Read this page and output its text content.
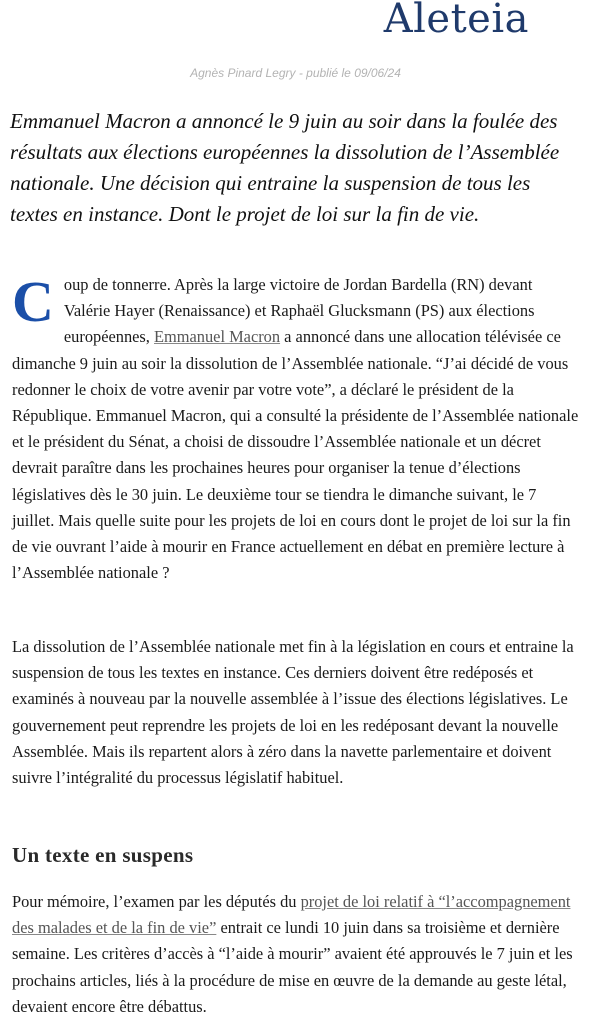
Aleteia
Agnès Pinard Legry - publié le 09/06/24

Emmanuel Macron a annoncé le 9 juin au soir dans la foulée des résultats aux élections européennes la dissolution de l’Assemblée nationale. Une décision qui entraine la suspension de tous les textes en instance. Dont le projet de loi sur la fin de vie.

Coup de tonnerre. Après la large victoire de Jordan Bardella (RN) devant Valérie Hayer (Renaissance) et Raphaël Glucksmann (PS) aux élections européennes, Emmanuel Macron a annoncé dans une allocation télévisée ce dimanche 9 juin au soir la dissolution de l’Assemblée nationale. “J’ai décidé de vous redonner le choix de votre avenir par votre vote”, a déclaré le président de la République. Emmanuel Macron, qui a consulté la présidente de l’Assemblée nationale et le président du Sénat, a choisi de dissoudre l’Assemblée nationale et un décret devrait paraître dans les prochaines heures pour organiser la tenue d’élections législatives dès le 30 juin. Le deuxième tour se tiendra le dimanche suivant, le 7 juillet. Mais quelle suite pour les projets de loi en cours dont le projet de loi sur la fin de vie ouvrant l’aide à mourir en France actuellement en débat en première lecture à l’Assemblée nationale ?

La dissolution de l’Assemblée nationale met fin à la législation en cours et entraine la suspension de tous les textes en instance. Ces derniers doivent être redéposés et examinés à nouveau par la nouvelle assemblée à l’issue des élections législatives. Le gouvernement peut reprendre les projets de loi en les redéposant devant la nouvelle Assemblée. Mais ils repartent alors à zéro dans la navette parlementaire et doivent suivre l’intégralité du processus législatif habituel.

Un texte en suspens

Pour mémoire, l’examen par les députés du projet de loi relatif à “l’accompagnement des malades et de la fin de vie” entrait ce lundi 10 juin dans sa troisième et dernière semaine. Les critères d’accès à “l’aide à mourir” avaient été approuvés le 7 juin et les prochains articles, liés à la procédure de mise en œuvre de la demande au geste létal, devaient encore être débattus.
